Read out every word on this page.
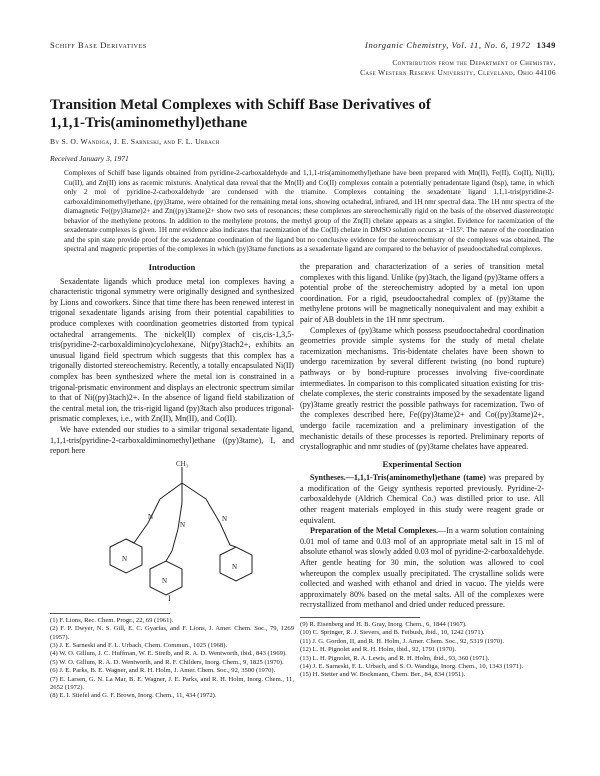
Schiff Base Derivatives	Inorganic Chemistry, Vol. 11, No. 6, 1972 1349
Contribution from the Department of Chemistry,
Case Western Reserve University, Cleveland, Ohio 44106
Transition Metal Complexes with Schiff Base Derivatives of
1,1,1-Tris(aminomethyl)ethane
By S. O. Wandiga, J. E. Sarneski, and F. L. Urbach
Received January 3, 1971
Complexes of Schiff base ligands obtained from pyridine-2-carboxaldehyde and 1,1,1-tris(aminomethyl)ethane have been prepared with Mn(II), Fe(II), Co(II), Ni(II), Cu(II), and Zn(II) ions as racemic mixtures. Analytical data reveal that the Mn(II) and Co(II) complexes contain a potentially pentadentate ligand (bsp), tame, in which only 2 mol of pyridine-2-carboxaldehyde are condensed with the triamine. Complexes containing the sexadentate ligand 1,1,1-tris(pyridine-2-carboxaldiminomethyl)ethane, (py)3tame, were obtained for the remaining metal ions, showing octahedral, infrared, and 1H nmr spectral data. The 1H nmr spectra of the diamagnetic Fe((py)3tame)2+ and Zn((py)3tame)2+ show two sets of resonances; these complexes are stereochemically rigid on the basis of the observed diastereotopic behavior of the methylene protons. In addition to the methylene protons, the methyl group of the Zn(II) chelate appears as a singlet. Evidence for racemization of the sexadentate complexes is given. 1H nmr evidence also indicates that racemization of the Co(II) chelate in DMSO solution occurs at ~115°. The nature of the coordination and the spin state provide proof for the sexadentate coordination of the ligand but no conclusive evidence for the stereochemistry of the complexes was obtained. The spectral and magnetic properties of the complexes in which (py)3tame functions as a sexadentate ligand are compared to the behavior of pseudooctahedral complexes.
Introduction

Sexadentate ligands which produce metal ion complexes having a characteristic trigonal symmetry were originally designed and synthesized by Lions and coworkers. Since that time there has been renewed interest in trigonal sexadentate ligands arising from their potential capabilities to produce complexes with coordination geometries distorted from typical octahedral arrangements. The nickel(II) complex of cis,cis-1,3,5-tris(pyridine-2-carboxaldimino)cyclohexane, Ni(py)3tach2+, exhibits an unusual ligand field spectrum which suggests that this complex has a trigonally distorted stereochemistry. Recently, a totally encapsulated Ni(II) complex has been synthesized where the metal ion is constrained in a trigonal-prismatic environment and displays an electronic spectrum similar to that of Ni((py)3tach)2+. In the absence of ligand field stabilization of the central metal ion, the tris-rigid ligand (py)3tach also produces trigonal-prismatic complexes, i.e., with Zn(II), Mn(II), and Co(II).

We have extended our studies to a similar trigonal sexadentate ligand, 1,1,1-tris(pyridine-2-carboxaldiminomethyl)ethane ((py)3tame), I, and report here

CH₃
N
N
N
N
N
N
I
(1) F. Lions, Rec. Chem. Progr., 22, 69 (1961).
(2) F. P. Dwyer, N. S. Gill, E. C. Gyarfas, and F. Lions, J. Amer. Chem. Soc., 79, 1269 (1957).
(3) J. E. Sarneski and F. L. Urbach, Chem. Commun., 1025 (1968).
(4) W. O. Gillum, J. C. Huffman, W. E. Streib, and R. A. D. Wentworth, ibid., 843 (1969).
(5) W. O. Gillum, R. A. D. Wentworth, and R. F. Childers, Inorg. Chem., 9, 1825 (1970).
(6) J. E. Parks, B. E. Wagner, and R. H. Holm, J. Amer. Chem. Soc., 92, 3500 (1970).
(7) E. Larsen, G. N. La Mar, B. E. Wagner, J. E. Parks, and R. H. Holm, Inorg. Chem., 11, 2652 (1972).
(8) E. I. Stiefel and G. F. Brown, Inorg. Chem., 11, 434 (1972).

the preparation and characterization of a series of transition metal complexes with this ligand. Unlike (py)3tach, the ligand (py)3tame offers a potential probe of the stereochemistry adopted by a metal ion upon coordination. For a rigid, pseudooctahedral complex of (py)3tame the methylene protons will be magnetically nonequivalent and may exhibit a pair of AB doublets in the 1H nmr spectrum.

Complexes of (py)3tame which possess pseudooctahedral coordination geometries provide simple systems for the study of metal chelate racemization mechanisms. Tris-bidentate chelates have been shown to undergo racemization by several different twisting (no bond rupture) pathways or by bond-rupture processes involving five-coordinate intermediates. In comparison to this complicated situation existing for tris-chelate complexes, the steric constraints imposed by the sexadentate ligand (py)3tame greatly restrict the possible pathways for racemization. Two of the complexes described here, Fe((py)3tame)2+ and Co((py)3tame)2+, undergo facile racemization and a preliminary investigation of the mechanistic details of these processes is reported. Preliminary reports of crystallographic and nmr studies of (py)3tame chelates have appeared.

Experimental Section

Syntheses.—1,1,1-Tris(aminomethyl)ethane (tame) was prepared by a modification of the Geigy synthesis reported previously. Pyridine-2-carboxaldehyde (Aldrich Chemical Co.) was distilled prior to use. All other reagent materials employed in this study were reagent grade or equivalent.

Preparation of the Metal Complexes.—In a warm solution containing 0.01 mol of tame and 0.03 mol of an appropriate metal salt in 15 ml of absolute ethanol was slowly added 0.03 mol of pyridine-2-carboxaldehyde. After gentle heating for 30 min, the solution was allowed to cool whereupon the complex usually precipitated. The crystalline solids were collected and washed with ethanol and dried in vacuo. The yields were approximately 80% based on the metal salts. All of the complexes were recrystallized from methanol and dried under reduced pressure.

(9) R. Eisenberg and H. B. Gray, Inorg. Chem., 6, 1844 (1967).
(10) C. Springer, R. J. Sievers, and B. Feibush, ibid., 10, 1242 (1971).
(11) J. G. Gordon, II, and R. H. Holm, J. Amer. Chem. Soc., 92, 5319 (1970).
(12) L. H. Pignolet and R. H. Holm, ibid., 92, 1791 (1970).
(13) L. H. Pignolet, R. A. Lewis, and R. H. Holm, ibid., 93, 360 (1971).
(14) J. E. Sarneski, F. L. Urbach, and S. O. Wandiga, Inorg. Chem., 10, 1343 (1971).
(15) H. Stetter and W. Bockmann, Chem. Ber., 84, 834 (1951).
